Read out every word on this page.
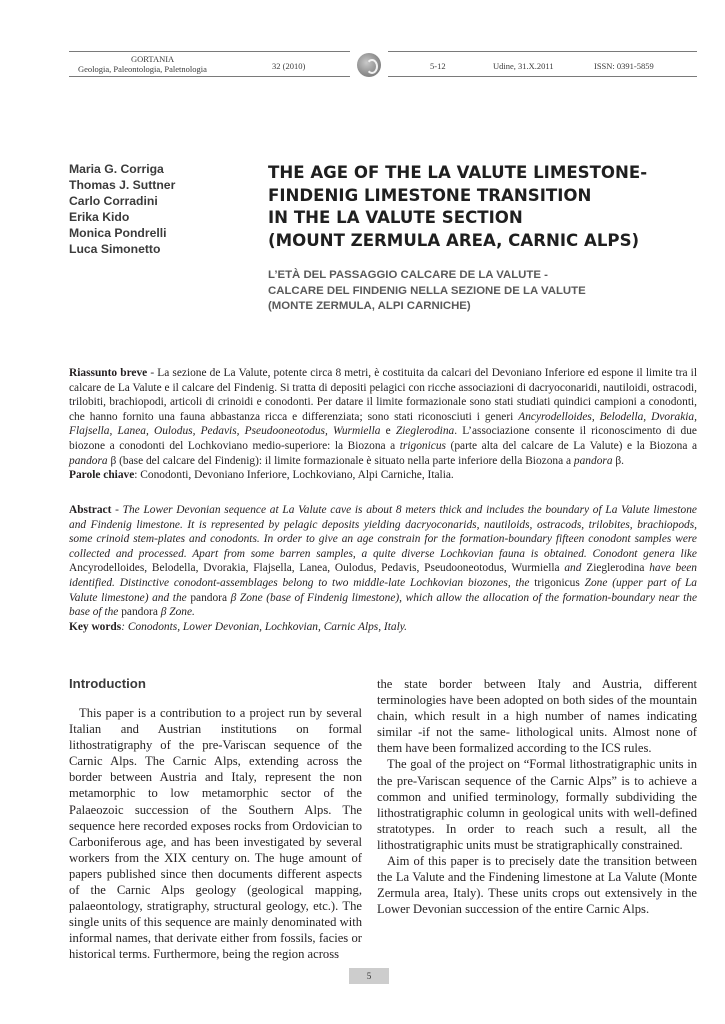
GORTANIA
Geologia, Paleontologia, Paletnologia	32 (2010)	5-12	Udine, 31.X.2011	ISSN: 0391-5859
Maria G. Corriga
Thomas J. Suttner
Carlo Corradini
Erika Kido
Monica Pondrelli
Luca Simonetto
THE AGE OF THE LA VALUTE LIMESTONE-
FINDENIG LIMESTONE TRANSITION
IN THE LA VALUTE SECTION
(MOUNT ZERMULA AREA, CARNIC ALPS)
L’ETÀ DEL PASSAGGIO CALCARE DE LA VALUTE -
CALCARE DEL FINDENIG NELLA SEZIONE DE LA VALUTE
(MONTE ZERMULA, ALPI CARNICHE)

Riassunto breve - La sezione de La Valute, potente circa 8 metri, è costituita da calcari del Devoniano Inferiore ed espone il limite tra il calcare de La Valute e il calcare del Findenig. Si tratta di depositi pelagici con ricche associazioni di dacryoconaridi, nautiloidi, ostracodi, trilobiti, brachiopodi, articoli di crinoidi e conodonti. Per datare il limite formazionale sono stati studiati quindici campioni a conodonti, che hanno fornito una fauna abbastanza ricca e differenziata; sono stati riconosciuti i generi Ancyrodelloides, Belodella, Dvorakia, Flajsella, Lanea, Oulodus, Pedavis, Pseudooneotodus, Wurmiella e Zieglerodina. L’associazione consente il riconoscimento di due biozone a conodonti del Lochkoviano medio-superiore: la Biozona a trigonicus (parte alta del calcare de La Valute) e la Biozona a pandora β (base del calcare del Findenig): il limite formazionale è situato nella parte inferiore della Biozona a pandora β.

Parole chiave: Conodonti, Devoniano Inferiore, Lochkoviano, Alpi Carniche, Italia.

Abstract - The Lower Devonian sequence at La Valute cave is about 8 meters thick and includes the boundary of La Valute limestone and Findenig limestone. It is represented by pelagic deposits yielding dacryoconarids, nautiloids, ostracods, trilobites, brachiopods, some crinoid stem-plates and conodonts. In order to give an age constrain for the formation-boundary fifteen conodont samples were collected and processed. Apart from some barren samples, a quite diverse Lochkovian fauna is obtained. Conodont genera like Ancyrodelloides, Belodella, Dvorakia, Flajsella, Lanea, Oulodus, Pedavis, Pseudooneotodus, Wurmiella and Zieglerodina have been identified. Distinctive conodont-assemblages belong to two middle-late Lochkovian biozones, the trigonicus Zone (upper part of La Valute limestone) and the pandora β Zone (base of Findenig limestone), which allow the allocation of the formation-boundary near the base of the pandora β Zone.

Key words: Conodonts, Lower Devonian, Lochkovian, Carnic Alps, Italy.

Introduction

This paper is a contribution to a project run by several Italian and Austrian institutions on formal lithostratigraphy of the pre-Variscan sequence of the Carnic Alps. The Carnic Alps, extending across the border between Austria and Italy, represent the non metamorphic to low metamorphic sector of the Palaeozoic succession of the Southern Alps. The sequence here recorded exposes rocks from Ordovician to Carboniferous age, and has been investigated by several workers from the XIX century on. The huge amount of papers published since then documents different aspects of the Carnic Alps geology (geological mapping, palaeontology, stratigraphy, structural geology, etc.). The single units of this sequence are mainly denominated with informal names, that derivate either from fossils, facies or historical terms. Furthermore, being the region across

the state border between Italy and Austria, different terminologies have been adopted on both sides of the mountain chain, which result in a high number of names indicating similar -if not the same- lithological units. Almost none of them have been formalized according to the ICS rules.

The goal of the project on “Formal lithostratigraphic units in the pre-Variscan sequence of the Carnic Alps” is to achieve a common and unified terminology, formally subdividing the lithostratigraphic column in geological units with well-defined stratotypes. In order to reach such a result, all the lithostratigraphic units must be stratigraphically constrained.

Aim of this paper is to precisely date the transition between the La Valute and the Findening limestone at La Valute (Monte Zermula area, Italy). These units crops out extensively in the Lower Devonian succession of the entire Carnic Alps.

5
